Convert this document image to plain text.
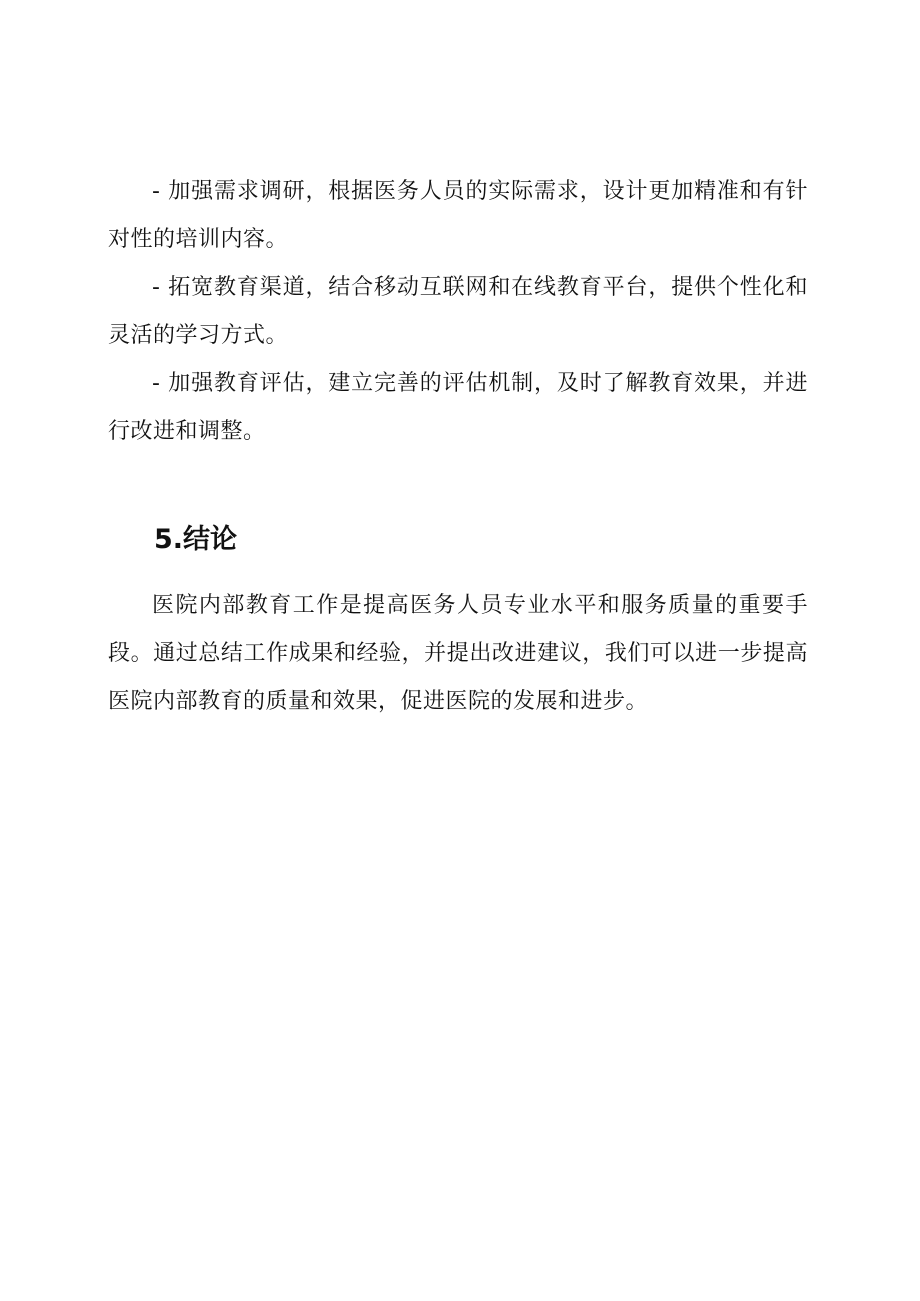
- 加强需求调研，根据医务人员的实际需求，设计更加精准和有针对性的培训内容。

- 拓宽教育渠道，结合移动互联网和在线教育平台，提供个性化和灵活的学习方式。

- 加强教育评估，建立完善的评估机制，及时了解教育效果，并进行改进和调整。

5.结论

医院内部教育工作是提高医务人员专业水平和服务质量的重要手段。通过总结工作成果和经验，并提出改进建议，我们可以进一步提高医院内部教育的质量和效果，促进医院的发展和进步。
